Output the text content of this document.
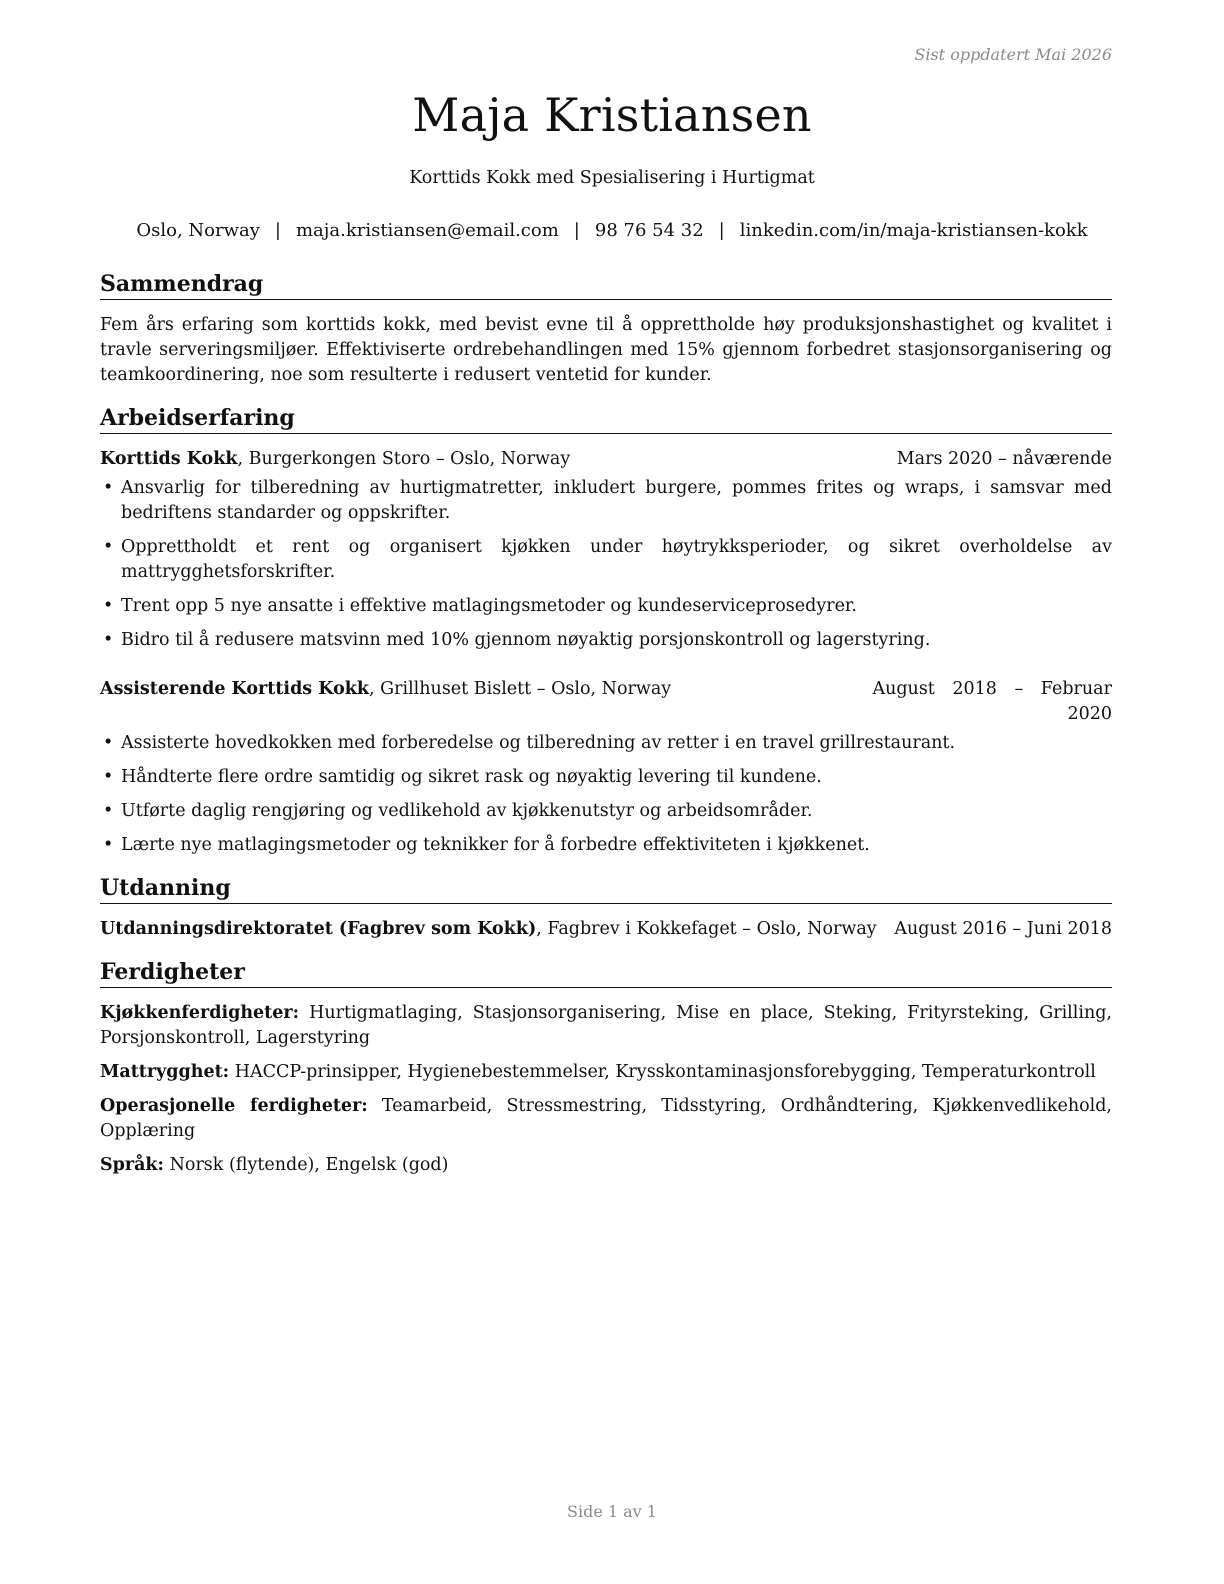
Sist oppdatert Mai 2026
Maja Kristiansen
Korttids Kokk med Spesialisering i Hurtigmat
Oslo, Norway | maja.kristiansen@email.com | 98 76 54 32 | linkedin.com/in/maja-kristiansen-kokk
Sammendrag
Fem års erfaring som korttids kokk, med bevist evne til å opprettholde høy produksjonshastighet og kvalitet i travle serveringsmiljøer. Effektiviserte ordrebehandlingen med 15% gjennom forbedret stasjonsorganisering og teamkoordinering, noe som resulterte i redusert ventetid for kunder.
Arbeidserfaring
Korttids Kokk, Burgerkongen Storo – Oslo, Norway	Mars 2020 – nåværende
• Ansvarlig for tilberedning av hurtigmatretter, inkludert burgere, pommes frites og wraps, i samsvar med bedriftens standarder og oppskrifter.
• Opprettholdt et rent og organisert kjøkken under høytrykksperioder, og sikret overholdelse av mattrygghetsforskrifter.
• Trent opp 5 nye ansatte i effektive matlagingsmetoder og kundeserviceprosedyrer.
• Bidro til å redusere matsvinn med 10% gjennom nøyaktig porsjonskontroll og lagerstyring.
Assisterende Korttids Kokk, Grillhuset Bislett – Oslo, Norway	August 2018 – Februar
2020
• Assisterte hovedkokken med forberedelse og tilberedning av retter i en travel grillrestaurant.
• Håndterte flere ordre samtidig og sikret rask og nøyaktig levering til kundene.
• Utførte daglig rengjøring og vedlikehold av kjøkkenutstyr og arbeidsområder.
• Lærte nye matlagingsmetoder og teknikker for å forbedre effektiviteten i kjøkkenet.
Utdanning
Utdanningsdirektoratet (Fagbrev som Kokk), Fagbrev i Kokkefaget – Oslo, Norway August 2016 – Juni 2018
Ferdigheter
Kjøkkenferdigheter: Hurtigmatlaging, Stasjonsorganisering, Mise en place, Steking, Frityrsteking, Grilling, Porsjonskontroll, Lagerstyring
Mattrygghet: HACCP-prinsipper, Hygienebestemmelser, Krysskontaminasjonsforebygging, Temperaturkontroll
Operasjonelle ferdigheter: Teamarbeid, Stressmestring, Tidsstyring, Ordhåndtering, Kjøkkenvedlikehold, Opplæring
Språk: Norsk (flytende), Engelsk (god)
Side 1 av 1
